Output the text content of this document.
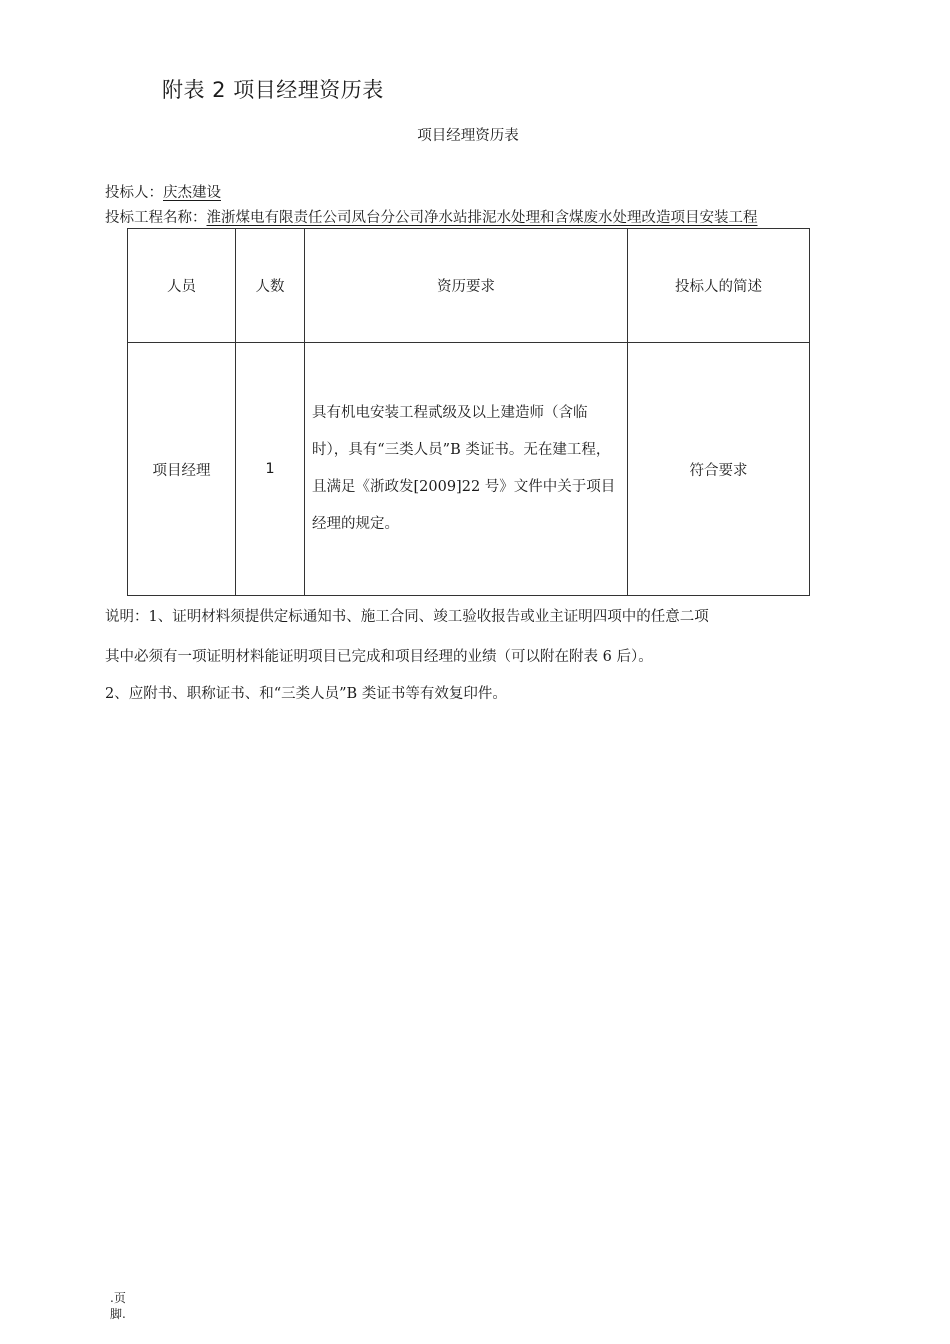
附表 2 项目经理资历表
项目经理资历表
投标人：庆杰建设
投标工程名称：淮浙煤电有限责任公司凤台分公司净水站排泥水处理和含煤废水处理改造项目安装工程
人员	人数	资历要求	投标人的简述
项目经理	1	具有机电安装工程贰级及以上建造师（含临时），具有“三类人员”B 类证书。无在建工程，且满足《浙政发[2009]22 号》文件中关于项目经理的规定。	符合要求
说明：1、证明材料须提供定标通知书、施工合同、竣工验收报告或业主证明四项中的任意二项
其中必须有一项证明材料能证明项目已完成和项目经理的业绩（可以附在附表 6 后）。
2、应附书、职称证书、和“三类人员”B 类证书等有效复印件。
.页
脚.
